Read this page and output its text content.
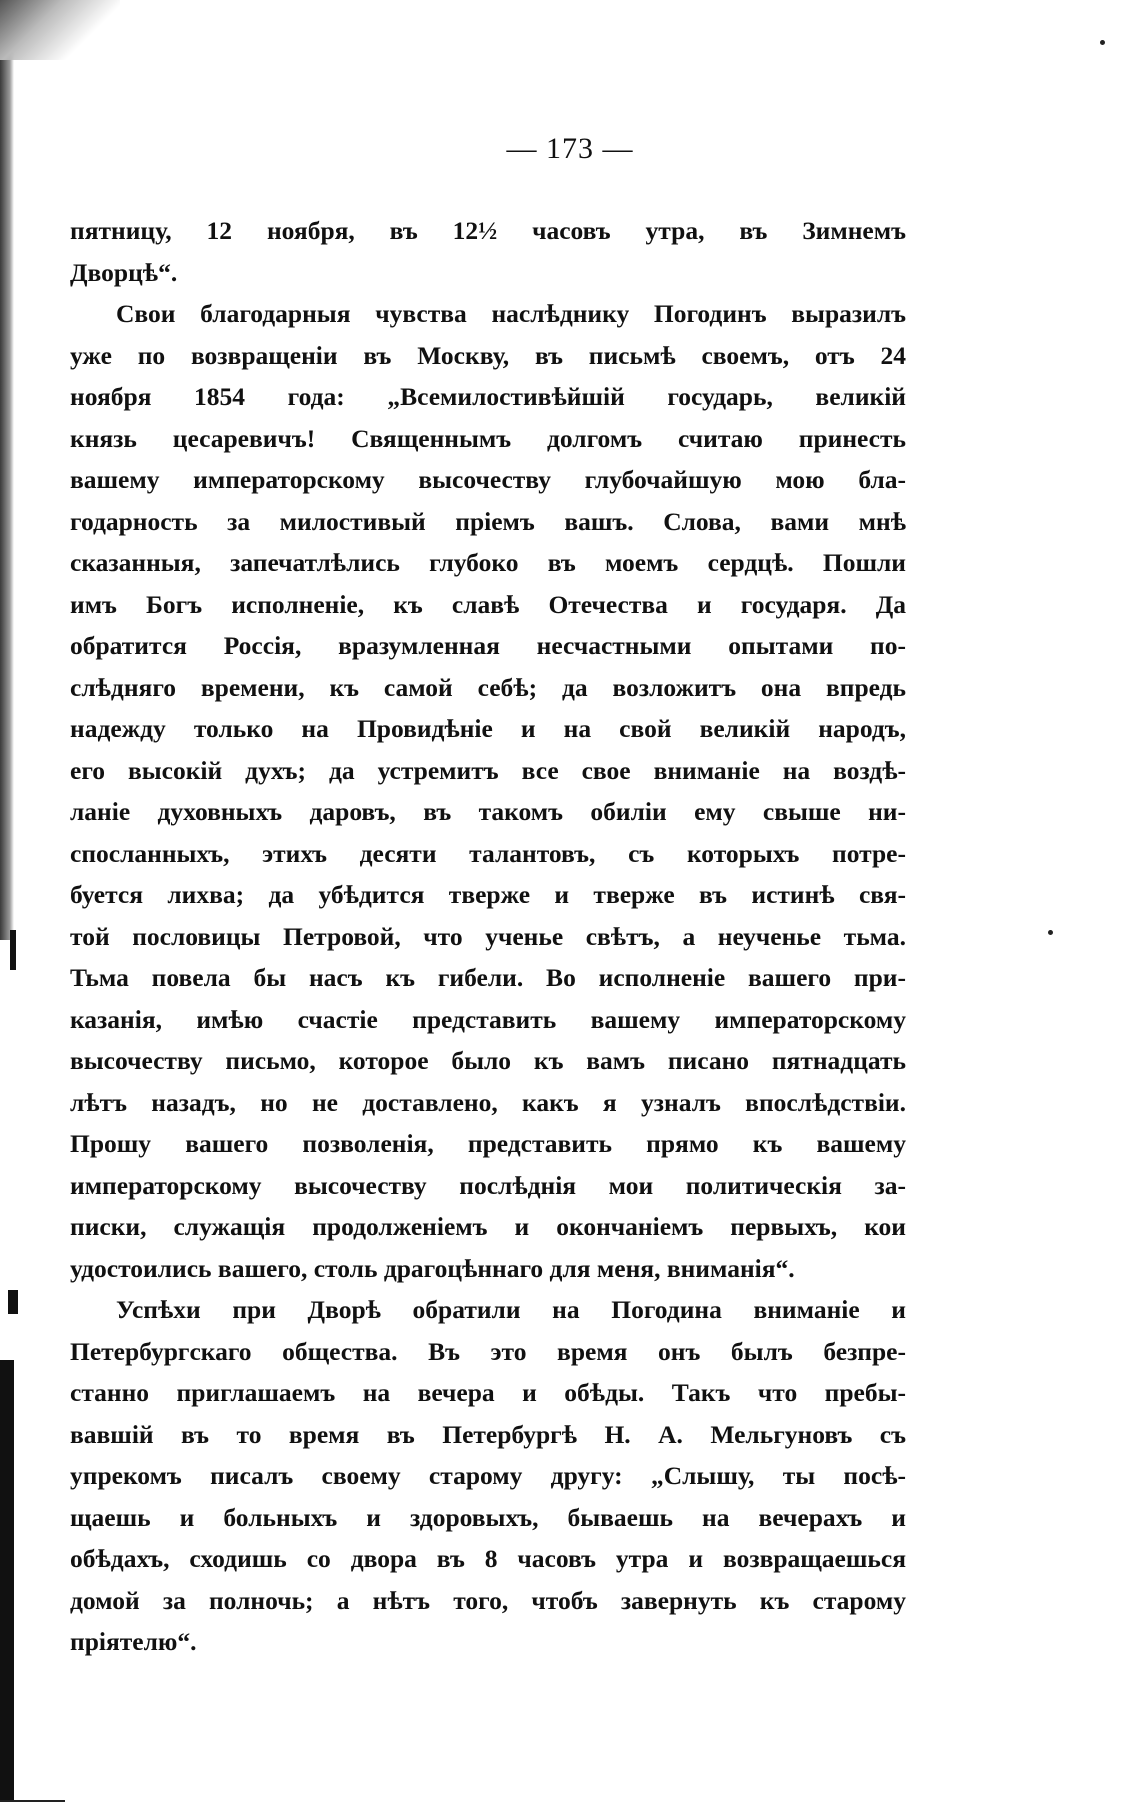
— 173 —
пятницу, 12 ноября, въ 12½ часовъ утра, въ Зимнемъ
Дворцѣ“.
Свои благодарныя чувства наслѣднику Погодинъ выразилъ
уже по возвращеніи въ Москву, въ письмѣ своемъ, отъ 24
ноября 1854 года: „Всемилостивѣйшій государь, великій
князь цесаревичъ! Священнымъ долгомъ считаю принесть
вашему императорскому высочеству глубочайшую мою бла-
годарность за милостивый пріемъ вашъ. Слова, вами мнѣ
сказанныя, запечатлѣлись глубоко въ моемъ сердцѣ. Пошли
имъ Богъ исполненіе, къ славѣ Отечества и государя. Да
обратится Россія, вразумленная несчастными опытами по-
слѣдняго времени, къ самой себѣ; да возложитъ она впредь
надежду только на Провидѣніе и на свой великій народъ,
его высокій духъ; да устремитъ все свое вниманіе на воздѣ-
ланіе духовныхъ даровъ, въ такомъ обиліи ему свыше ни-
спосланныхъ, этихъ десяти талантовъ, съ которыхъ потре-
буется лихва; да убѣдится тверже и тверже въ истинѣ свя-
той пословицы Петровой, что ученье свѣтъ, а неученье тьма.
Тьма повела бы насъ къ гибели. Во исполненіе вашего при-
казанія, имѣю счастіе представить вашему императорскому
высочеству письмо, которое было къ вамъ писано пятнадцать
лѣтъ назадъ, но не доставлено, какъ я узналъ впослѣдствіи.
Прошу вашего позволенія, представить прямо къ вашему
императорскому высочеству послѣднія мои политическія за-
писки, служащія продолженіемъ и окончаніемъ первыхъ, кои
удостоились вашего, столь драгоцѣннаго для меня, вниманія“.
Успѣхи при Дворѣ обратили на Погодина вниманіе и
Петербургскаго общества. Въ это время онъ былъ безпре-
станно приглашаемъ на вечера и обѣды. Такъ что пребы-
вавшій въ то время въ Петербургѣ Н. А. Мельгуновъ съ
упрекомъ писалъ своему старому другу: „Слышу, ты посѣ-
щаешь и больныхъ и здоровыхъ, бываешь на вечерахъ и
обѣдахъ, сходишь со двора въ 8 часовъ утра и возвращаешься
домой за полночь; а нѣтъ того, чтобъ завернуть къ старому
пріятелю“.
